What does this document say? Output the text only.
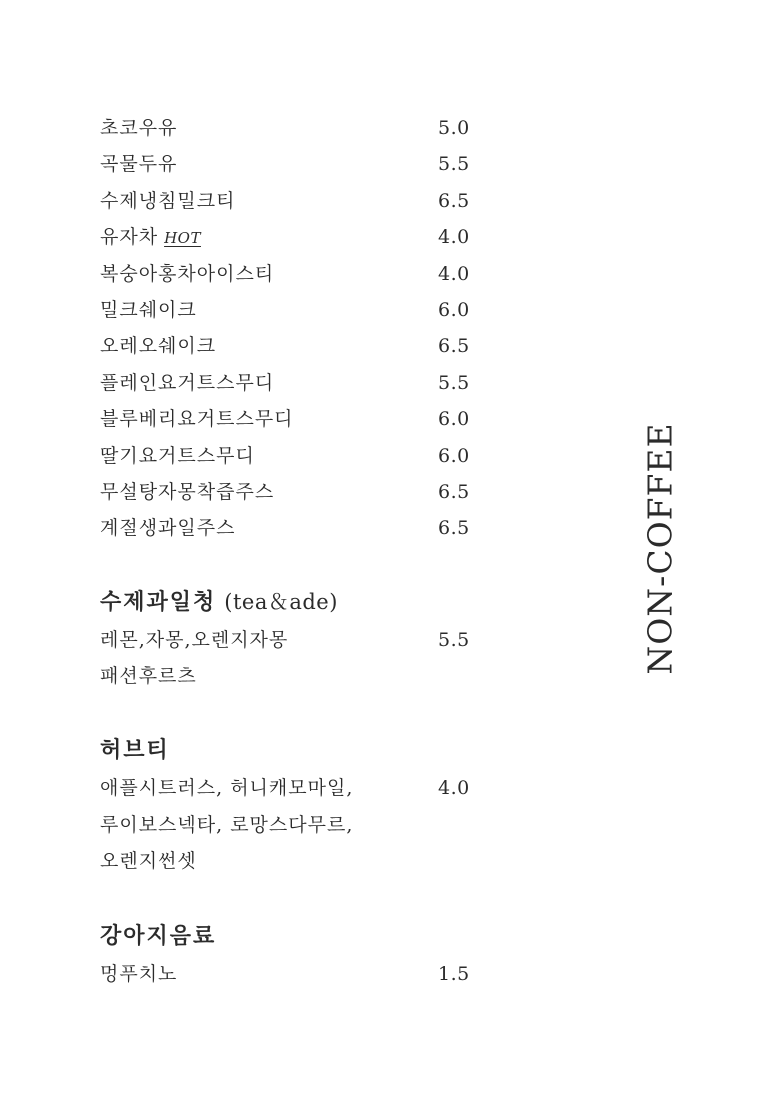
초코우유	5.0
곡물두유	5.5
수제냉침밀크티	6.5
유자차 HOT	4.0
복숭아홍차아이스티	4.0
밀크쉐이크	6.0
오레오쉐이크	6.5
플레인요거트스무디	5.5
블루베리요거트스무디	6.0
딸기요거트스무디	6.0
무설탕자몽착즙주스	6.5
계절생과일주스	6.5
수제과일청 (tea＆ade)
레몬,자몽,오렌지자몽	5.5
패션후르츠
허브티
애플시트러스, 허니캐모마일,	4.0
루이보스넥타, 로망스다무르,
오렌지썬셋
강아지음료
멍푸치노	1.5
NON-COFFEE
